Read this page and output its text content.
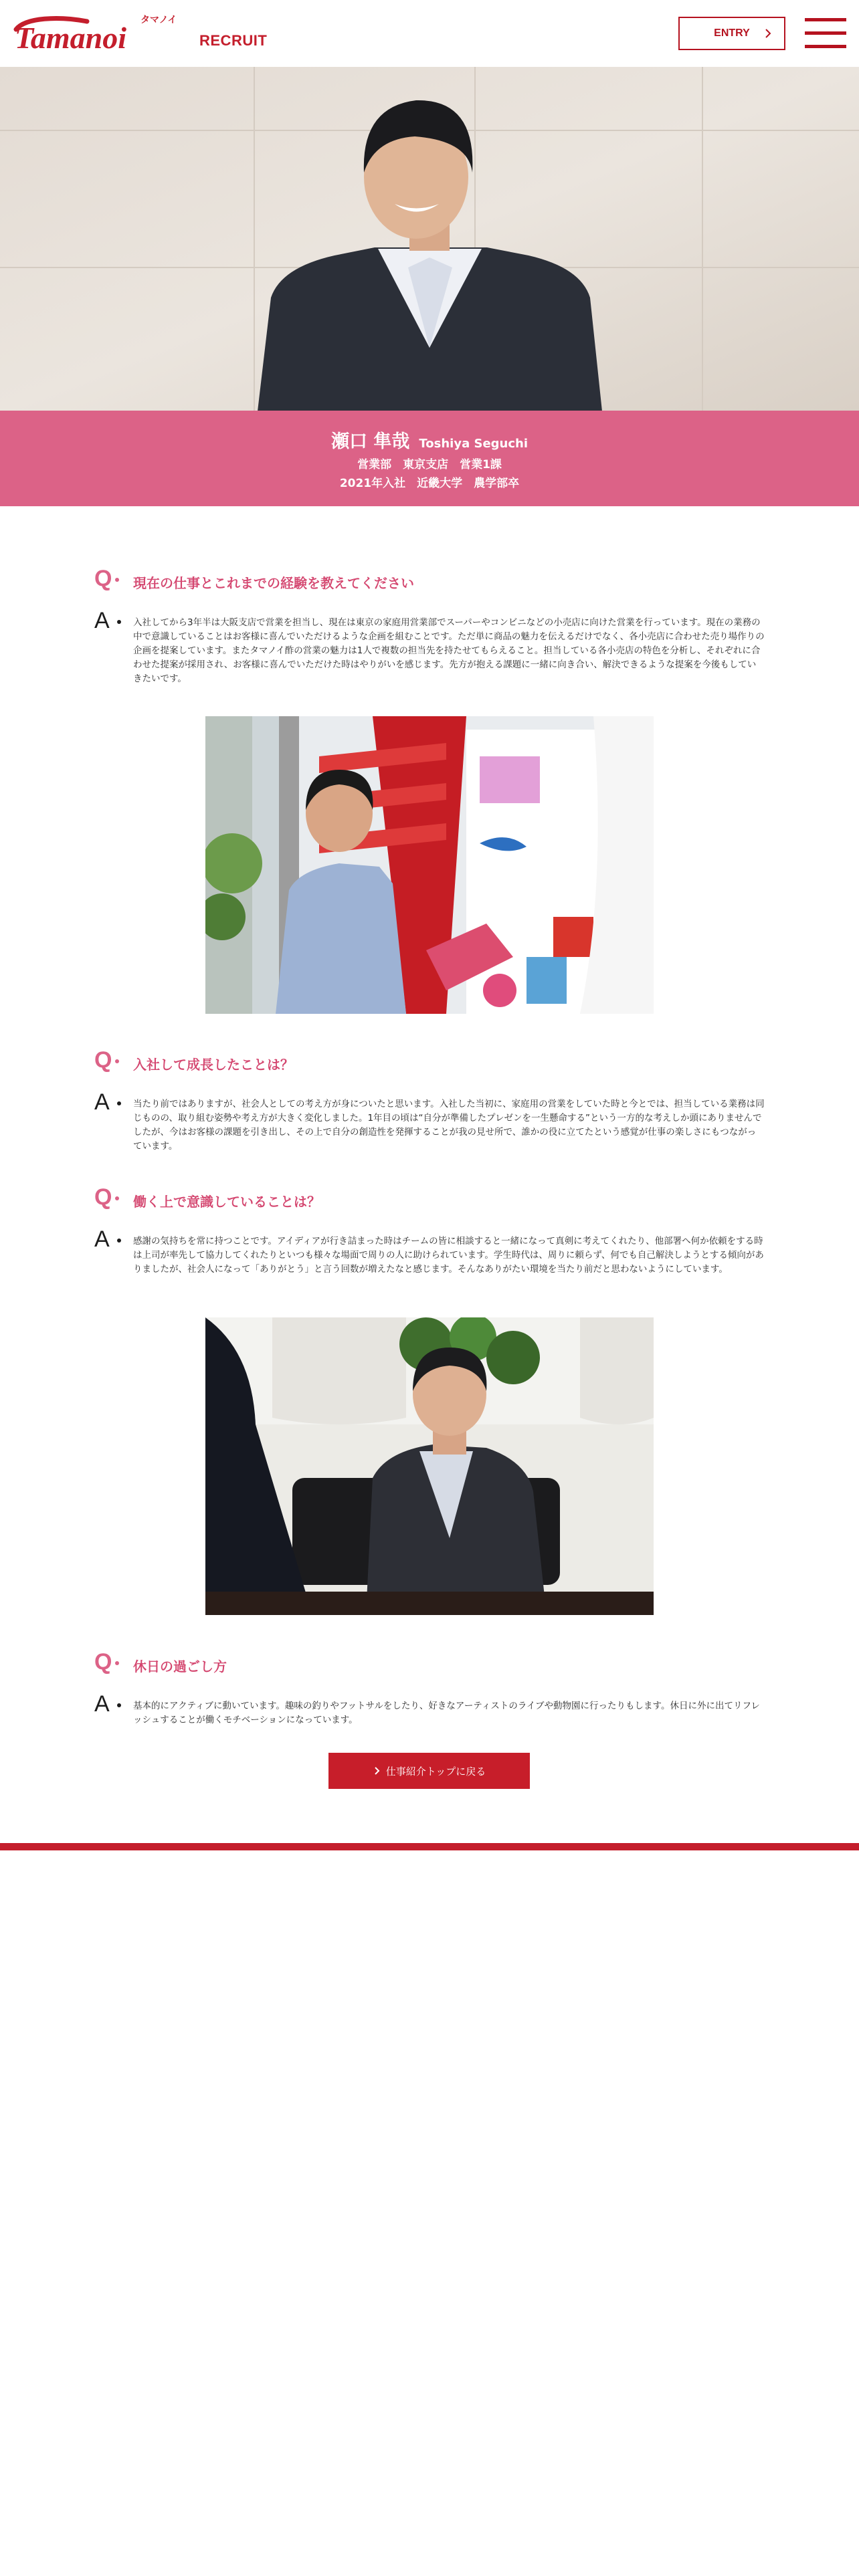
Tamanoi
タマノイ
RECRUIT	ENTRY
瀬口 隼哉 Toshiya Seguchi
営業部　東京支店　営業1課
2021年入社　近畿大学　農学部卒
Q 現在の仕事とこれまでの経験を教えてください
A	入社してから3年半は大阪支店で営業を担当し、現在は東京の家庭用営業部でスーパーやコンビニなどの小売店に向けた営業を行っています。現在の業務の中で意識していることはお客様に喜んでいただけるような企画を組むことです。ただ単に商品の魅力を伝えるだけでなく、各小売店に合わせた売り場作りの企画を提案しています。またタマノイ酢の営業の魅力は1人で複数の担当先を持たせてもらえること。担当している各小売店の特色を分析し、それぞれに合わせた提案が採用され、お客様に喜んでいただけた時はやりがいを感じます。先方が抱える課題に一緒に向き合い、解決できるような提案を今後もしていきたいです。
Q 入社して成長したことは？
A	当たり前ではありますが、社会人としての考え方が身についたと思います。入社した当初に、家庭用の営業をしていた時と今とでは、担当している業務は同じものの、取り組む姿勢や考え方が大きく変化しました。1年目の頃は“自分が準備したプレゼンを一生懸命する”という一方的な考えしか頭にありませんでしたが、今はお客様の課題を引き出し、その上で自分の創造性を発揮することが我の見せ所で、誰かの役に立てたという感覚が仕事の楽しさにもつながっています。
Q 働く上で意識していることは？
A	感謝の気持ちを常に持つことです。アイディアが行き詰まった時はチームの皆に相談すると一緒になって真剣に考えてくれたり、他部署へ何か依頼をする時は上司が率先して協力してくれたりといつも様々な場面で周りの人に助けられています。学生時代は、周りに頼らず、何でも自己解決しようとする傾向がありましたが、社会人になって「ありがとう」と言う回数が増えたなと感じます。そんなありがたい環境を当たり前だと思わないようにしています。
Q 休日の過ごし方
A	基本的にアクティブに動いています。趣味の釣りやフットサルをしたり、好きなアーティストのライブや動物園に行ったりもします。休日に外に出てリフレッシュすることが働くモチベーションになっています。
仕事紹介トップに戻る
